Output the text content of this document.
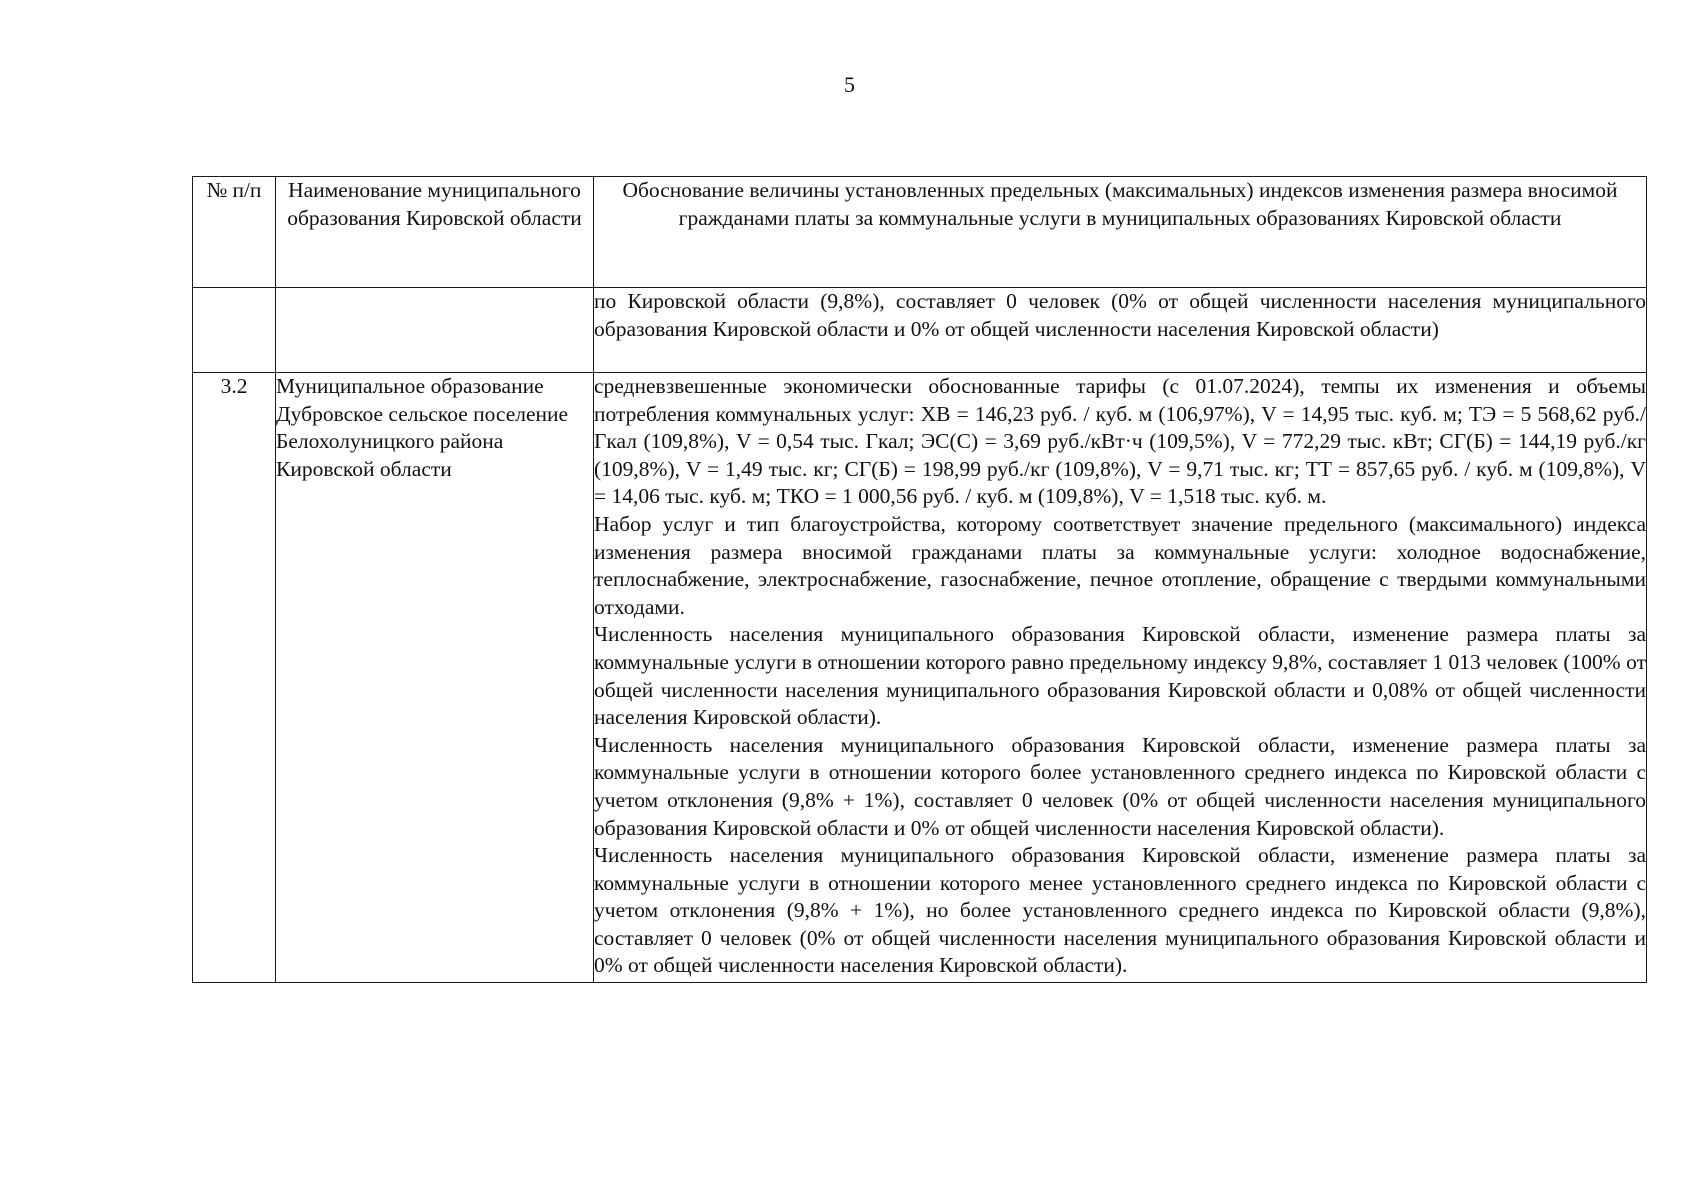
5
№ п/п	Наименование муниципального образования Кировской области	Обоснование величины установленных предельных (максимальных) индексов изменения размера вносимой гражданами платы за коммунальные услуги в муниципальных образованиях Кировской области

		по Кировской области (9,8%), составляет 0 человек (0% от общей численности населения муниципального образования Кировской области и 0% от общей численности населения Кировской области)

3.2	Муниципальное образование Дубровское сельское поселение Белохолуницкого района Кировской области	средневзвешенные экономически обоснованные тарифы (с 01.07.2024), темпы их изменения и объемы потребления коммунальных услуг: ХВ = 146,23 руб. / куб. м (106,97%), V = 14,95 тыс. куб. м; ТЭ = 5 568,62 руб./Гкал (109,8%), V = 0,54 тыс. Гкал; ЭС(С) = 3,69 руб./кВт·ч (109,5%), V = 772,29 тыс. кВт; СГ(Б) = 144,19 руб./кг (109,8%), V = 1,49 тыс. кг; СГ(Б) = 198,99 руб./кг (109,8%), V = 9,71 тыс. кг; ТТ = 857,65 руб. / куб. м (109,8%), V = 14,06 тыс. куб. м; ТКО = 1 000,56 руб. / куб. м (109,8%), V = 1,518 тыс. куб. м.

Набор услуг и тип благоустройства, которому соответствует значение предельного (максимального) индекса изменения размера вносимой гражданами платы за коммунальные услуги: холодное водоснабжение, теплоснабжение, электроснабжение, газоснабжение, печное отопление, обращение с твердыми коммунальными отходами.

Численность населения муниципального образования Кировской области, изменение размера платы за коммунальные услуги в отношении которого равно предельному индексу 9,8%, составляет 1 013 человек (100% от общей численности населения муниципального образования Кировской области и 0,08% от общей численности населения Кировской области).

Численность населения муниципального образования Кировской области, изменение размера платы за коммунальные услуги в отношении которого более установленного среднего индекса по Кировской области с учетом отклонения (9,8% + 1%), составляет 0 человек (0% от общей численности населения муниципального образования Кировской области и 0% от общей численности населения Кировской области).

Численность населения муниципального образования Кировской области, изменение размера платы за коммунальные услуги в отношении которого менее установленного среднего индекса по Кировской области с учетом отклонения (9,8% + 1%), но более установленного среднего индекса по Кировской области (9,8%), составляет 0 человек (0% от общей численности населения муниципального образования Кировской области и 0% от общей численности населения Кировской области).
